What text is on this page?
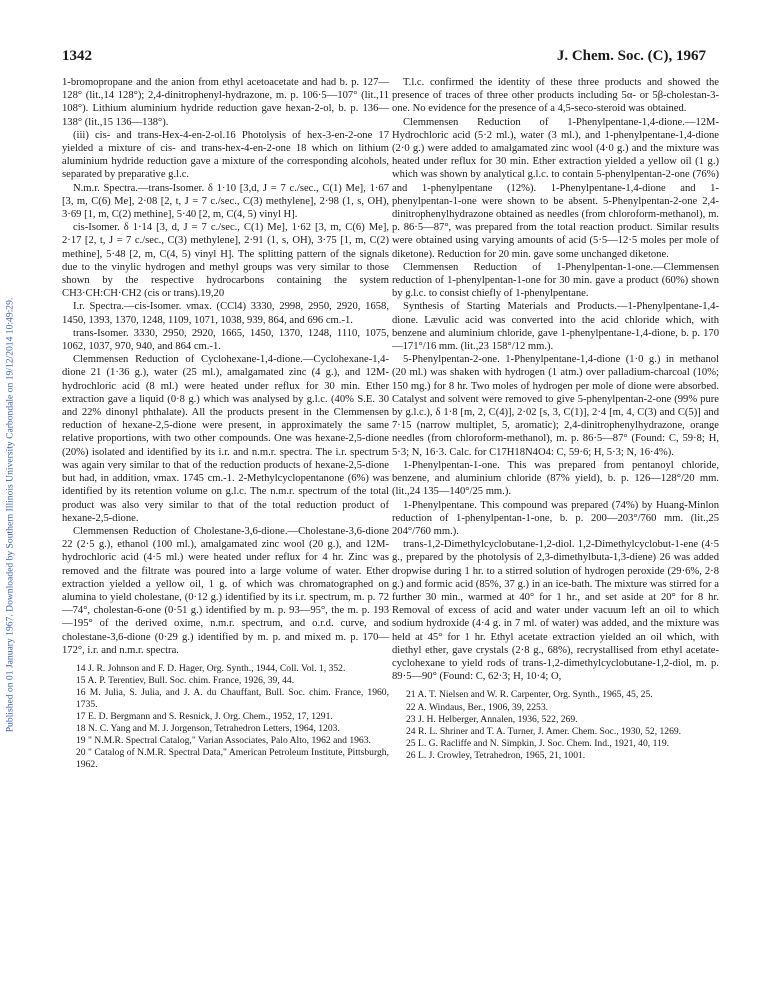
Published on 01 January 1967. Downloaded by Southern Illinois University Carbondale on 19/12/2014 10:49:29.
1342	J. Chem. Soc. (C), 1967

1-bromopropane and the anion from ethyl acetoacetate and had b. p. 127—128° (lit.,14 128°); 2,4-dinitrophenyl-hydrazone, m. p. 106·5—107° (lit.,11 108°). Lithium aluminium hydride reduction gave hexan-2-ol, b. p. 136—138° (lit.,15 136—138°).

(iii) cis- and trans-Hex-4-en-2-ol.16 Photolysis of hex-3-en-2-one 17 yielded a mixture of cis- and trans-hex-4-en-2-one 18 which on lithium aluminium hydride reduction gave a mixture of the corresponding alcohols, separated by preparative g.l.c.

N.m.r. Spectra.—trans-Isomer. δ 1·10 [3,d, J = 7 c./sec., C(1) Me], 1·67 [3, m, C(6) Me], 2·08 [2, t, J = 7 c./sec., C(3) methylene], 2·98 (1, s, OH), 3·69 [1, m, C(2) methine], 5·40 [2, m, C(4, 5) vinyl H].

cis-Isomer. δ 1·14 [3, d, J = 7 c./sec., C(1) Me], 1·62 [3, m, C(6) Me], 2·17 [2, t, J = 7 c./sec., C(3) methylene], 2·91 (1, s, OH), 3·75 [1, m, C(2) methine], 5·48 [2, m, C(4, 5) vinyl H]. The splitting pattern of the signals due to the vinylic hydrogen and methyl groups was very similar to those shown by the respective hydrocarbons containing the system CH3·CH:CH·CH2 (cis or trans).19,20

I.r. Spectra.—cis-Isomer. νmax. (CCl4) 3330, 2998, 2950, 2920, 1658, 1450, 1393, 1370, 1248, 1109, 1071, 1038, 939, 864, and 696 cm.-1.

trans-Isomer. 3330, 2950, 2920, 1665, 1450, 1370, 1248, 1110, 1075, 1062, 1037, 970, 940, and 864 cm.-1.

Clemmensen Reduction of Cyclohexane-1,4-dione.—Cyclohexane-1,4-dione 21 (1·36 g.), water (25 ml.), amalgamated zinc (4 g.), and 12M-hydrochloric acid (8 ml.) were heated under reflux for 30 min. Ether extraction gave a liquid (0·8 g.) which was analysed by g.l.c. (40% S.E. 30 and 22% dinonyl phthalate). All the products present in the Clemmensen reduction of hexane-2,5-dione were present, in approximately the same relative proportions, with two other compounds. One was hexane-2,5-dione (20%) isolated and identified by its i.r. and n.m.r. spectra. The i.r. spectrum was again very similar to that of the reduction products of hexane-2,5-dione but had, in addition, νmax. 1745 cm.-1. 2-Methylcyclopentanone (6%) was identified by its retention volume on g.l.c. The n.m.r. spectrum of the total product was also very similar to that of the total reduction product of hexane-2,5-dione.

Clemmensen Reduction of Cholestane-3,6-dione.—Cholestane-3,6-dione 22 (2·5 g.), ethanol (100 ml.), amalgamated zinc wool (20 g.), and 12M-hydrochloric acid (4·5 ml.) were heated under reflux for 4 hr. Zinc was removed and the filtrate was poured into a large volume of water. Ether extraction yielded a yellow oil, 1 g. of which was chromatographed on alumina to yield cholestane, (0·12 g.) identified by its i.r. spectrum, m. p. 72—74°, cholestan-6-one (0·51 g.) identified by m. p. 93—95°, the m. p. 193—195° of the derived oxime, n.m.r. spectrum, and o.r.d. curve, and cholestane-3,6-dione (0·29 g.) identified by m. p. and mixed m. p. 170—172°, i.r. and n.m.r. spectra.

14 J. R. Johnson and F. D. Hager, Org. Synth., 1944, Coll. Vol. 1, 352.

15 A. P. Terentiev, Bull. Soc. chim. France, 1926, 39, 44.

16 M. Julia, S. Julia, and J. A. du Chauffant, Bull. Soc. chim. France, 1960, 1735.

17 E. D. Bergmann and S. Resnick, J. Org. Chem., 1952, 17, 1291.

18 N. C. Yang and M. J. Jorgenson, Tetrahedron Letters, 1964, 1203.

19 " N.M.R. Spectral Catalog," Varian Associates, Palo Alto, 1962 and 1963.

20 " Catalog of N.M.R. Spectral Data," American Petroleum Institute, Pittsburgh, 1962.

T.l.c. confirmed the identity of these three products and showed the presence of traces of three other products including 5α- or 5β-cholestan-3-one. No evidence for the presence of a 4,5-seco-steroid was obtained.

Clemmensen Reduction of 1-Phenylpentane-1,4-dione.—12M-Hydrochloric acid (5·2 ml.), water (3 ml.), and 1-phenylpentane-1,4-dione (2·0 g.) were added to amalgamated zinc wool (4·0 g.) and the mixture was heated under reflux for 30 min. Ether extraction yielded a yellow oil (1 g.) which was shown by analytical g.l.c. to contain 5-phenylpentan-2-one (76%) and 1-phenylpentane (12%). 1-Phenylpentane-1,4-dione and 1-phenylpentan-1-one were shown to be absent. 5-Phenylpentan-2-one 2,4-dinitrophenylhydrazone obtained as needles (from chloroform-methanol), m. p. 86·5—87°, was prepared from the total reaction product. Similar results were obtained using varying amounts of acid (5·5—12·5 moles per mole of diketone). Reduction for 20 min. gave some unchanged diketone.

Clemmensen Reduction of 1-Phenylpentan-1-one.—Clemmensen reduction of 1-phenylpentan-1-one for 30 min. gave a product (60%) shown by g.l.c. to consist chiefly of 1-phenylpentane.

Synthesis of Starting Materials and Products.—1-Phenylpentane-1,4-dione. Lævulic acid was converted into the acid chloride which, with benzene and aluminium chloride, gave 1-phenylpentane-1,4-dione, b. p. 170—171°/16 mm. (lit.,23 158°/12 mm.).

5-Phenylpentan-2-one. 1-Phenylpentane-1,4-dione (1·0 g.) in methanol (20 ml.) was shaken with hydrogen (1 atm.) over palladium-charcoal (10%; 150 mg.) for 8 hr. Two moles of hydrogen per mole of dione were absorbed. Catalyst and solvent were removed to give 5-phenylpentan-2-one (99% pure by g.l.c.), δ 1·8 [m, 2, C(4)], 2·02 [s, 3, C(1)], 2·4 [m, 4, C(3) and C(5)] and 7·15 (narrow multiplet, 5, aromatic); 2,4-dinitrophenylhydrazone, orange needles (from chloroform-methanol), m. p. 86·5—87° (Found: C, 59·8; H, 5·3; N, 16·3. Calc. for C17H18N4O4: C, 59·6; H, 5·3; N, 16·4%).

1-Phenylpentan-1-one. This was prepared from pentanoyl chloride, benzene, and aluminium chloride (87% yield), b. p. 126—128°/20 mm. (lit.,24 135—140°/25 mm.).

1-Phenylpentane. This compound was prepared (74%) by Huang-Minlon reduction of 1-phenylpentan-1-one, b. p. 200—203°/760 mm. (lit.,25 204°/760 mm.).

trans-1,2-Dimethylcyclobutane-1,2-diol. 1,2-Dimethylcyclobut-1-ene (4·5 g., prepared by the photolysis of 2,3-dimethylbuta-1,3-diene) 26 was added dropwise during 1 hr. to a stirred solution of hydrogen peroxide (29·6%, 2·8 g.) and formic acid (85%, 37 g.) in an ice-bath. The mixture was stirred for a further 30 min., warmed at 40° for 1 hr., and set aside at 20° for 8 hr. Removal of excess of acid and water under vacuum left an oil to which sodium hydroxide (4·4 g. in 7 ml. of water) was added, and the mixture was held at 45° for 1 hr. Ethyl acetate extraction yielded an oil which, with diethyl ether, gave crystals (2·8 g., 68%), recrystallised from ethyl acetate-cyclohexane to yield rods of trans-1,2-dimethylcyclobutane-1,2-diol, m. p. 89·5—90° (Found: C, 62·3; H, 10·4; O,

21 A. T. Nielsen and W. R. Carpenter, Org. Synth., 1965, 45, 25.

22 A. Windaus, Ber., 1906, 39, 2253.

23 J. H. Helberger, Annalen, 1936, 522, 269.

24 R. L. Shriner and T. A. Turner, J. Amer. Chem. Soc., 1930, 52, 1269.

25 L. G. Racliffe and N. Simpkin, J. Soc. Chem. Ind., 1921, 40, 119.

26 L. J. Crowley, Tetrahedron, 1965, 21, 1001.
